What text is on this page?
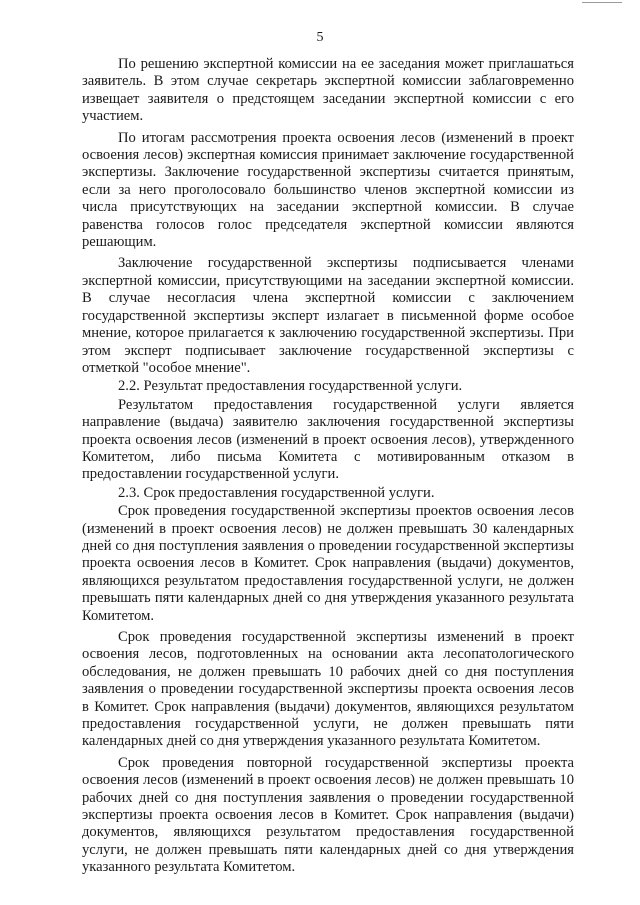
5

По решению экспертной комиссии на ее заседания может приглашаться заявитель. В этом случае секретарь экспертной комиссии заблаговременно извещает заявителя о предстоящем заседании экспертной комиссии с его участием.

По итогам рассмотрения проекта освоения лесов (изменений в проект освоения лесов) экспертная комиссия принимает заключение государственной экспертизы. Заключение государственной экспертизы считается принятым, если за него проголосовало большинство членов экспертной комиссии из числа присутствующих на заседании экспертной комиссии. В случае равенства голосов голос председателя экспертной комиссии являются решающим.

Заключение государственной экспертизы подписывается членами экспертной комиссии, присутствующими на заседании экспертной комиссии. В случае несогласия члена экспертной комиссии с заключением государственной экспертизы эксперт излагает в письменной форме особое мнение, которое прилагается к заключению государственной экспертизы. При этом эксперт подписывает заключение государственной экспертизы с отметкой "особое мнение".

2.2. Результат предоставления государственной услуги.

Результатом предоставления государственной услуги является направление (выдача) заявителю заключения государственной экспертизы проекта освоения лесов (изменений в проект освоения лесов), утвержденного Комитетом, либо письма Комитета с мотивированным отказом в предоставлении государственной услуги.

2.3. Срок предоставления государственной услуги.

Срок проведения государственной экспертизы проектов освоения лесов (изменений в проект освоения лесов) не должен превышать 30 календарных дней со дня поступления заявления о проведении государственной экспертизы проекта освоения лесов в Комитет. Срок направления (выдачи) документов, являющихся результатом предоставления государственной услуги, не должен превышать пяти календарных дней со дня утверждения указанного результата Комитетом.

Срок проведения государственной экспертизы изменений в проект освоения лесов, подготовленных на основании акта лесопатологического обследования, не должен превышать 10 рабочих дней со дня поступления заявления о проведении государственной экспертизы проекта освоения лесов в Комитет. Срок направления (выдачи) документов, являющихся результатом предоставления государственной услуги, не должен превышать пяти календарных дней со дня утверждения указанного результата Комитетом.

Срок проведения повторной государственной экспертизы проекта освоения лесов (изменений в проект освоения лесов) не должен превышать 10 рабочих дней со дня поступления заявления о проведении государственной экспертизы проекта освоения лесов в Комитет. Срок направления (выдачи) документов, являющихся результатом предоставления государственной услуги, не должен превышать пяти календарных дней со дня утверждения указанного результата Комитетом.
